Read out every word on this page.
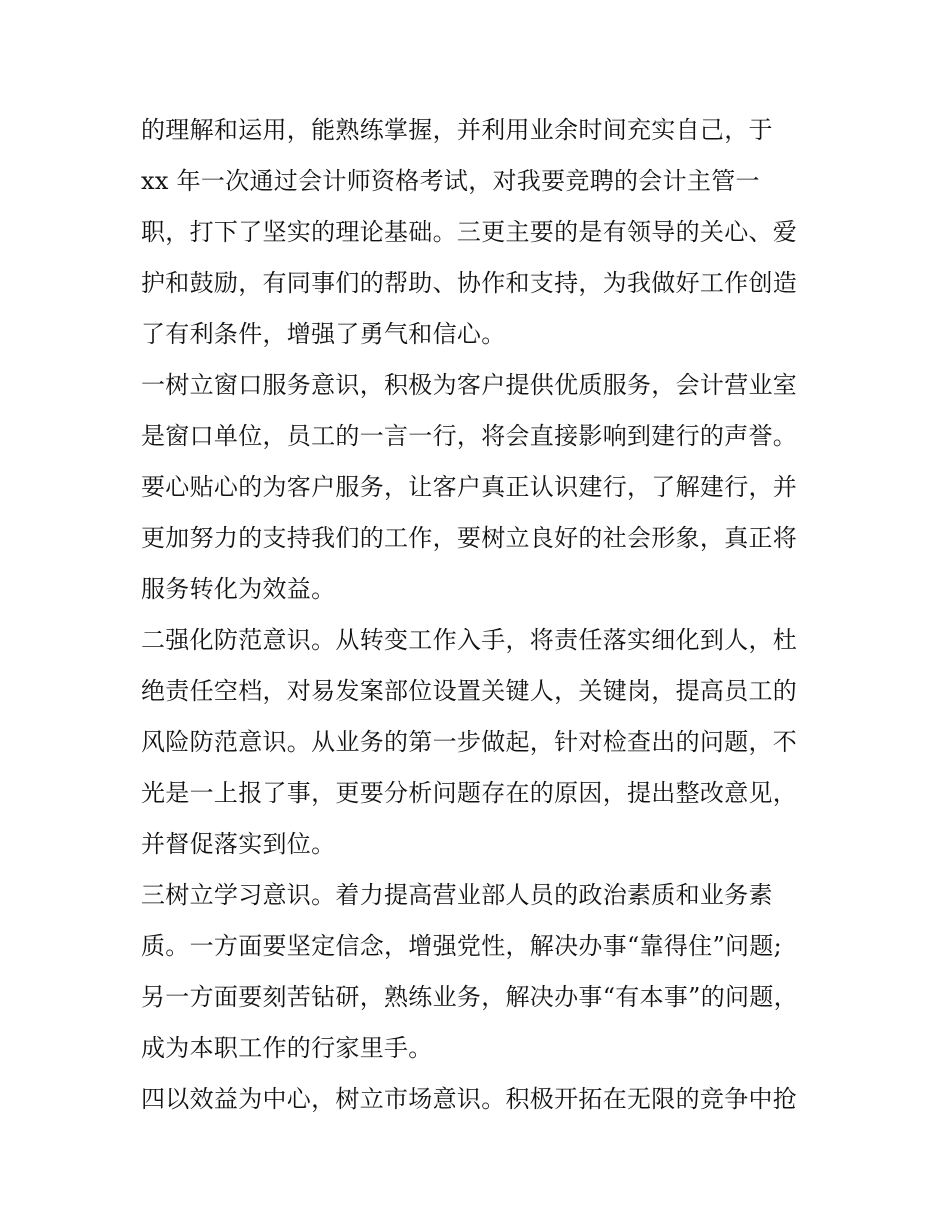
的理解和运用，能熟练掌握，并利用业余时间充实自己，于
xx 年一次通过会计师资格考试，对我要竞聘的会计主管一
职，打下了坚实的理论基础。三更主要的是有领导的关心、爱
护和鼓励，有同事们的帮助、协作和支持，为我做好工作创造
了有利条件，增强了勇气和信心。
一树立窗口服务意识，积极为客户提供优质服务，会计营业室
是窗口单位，员工的一言一行，将会直接影响到建行的声誉。
要心贴心的为客户服务，让客户真正认识建行，了解建行，并
更加努力的支持我们的工作，要树立良好的社会形象，真正将
服务转化为效益。
二强化防范意识。从转变工作入手，将责任落实细化到人，杜
绝责任空档，对易发案部位设置关键人，关键岗，提高员工的
风险防范意识。从业务的第一步做起，针对检查出的问题，不
光是一上报了事，更要分析问题存在的原因，提出整改意见，
并督促落实到位。
三树立学习意识。着力提高营业部人员的政治素质和业务素
质。一方面要坚定信念，增强党性，解决办事“靠得住”问题;
另一方面要刻苦钻研，熟练业务，解决办事“有本事”的问题，
成为本职工作的行家里手。
四以效益为中心，树立市场意识。积极开拓在无限的竞争中抢
